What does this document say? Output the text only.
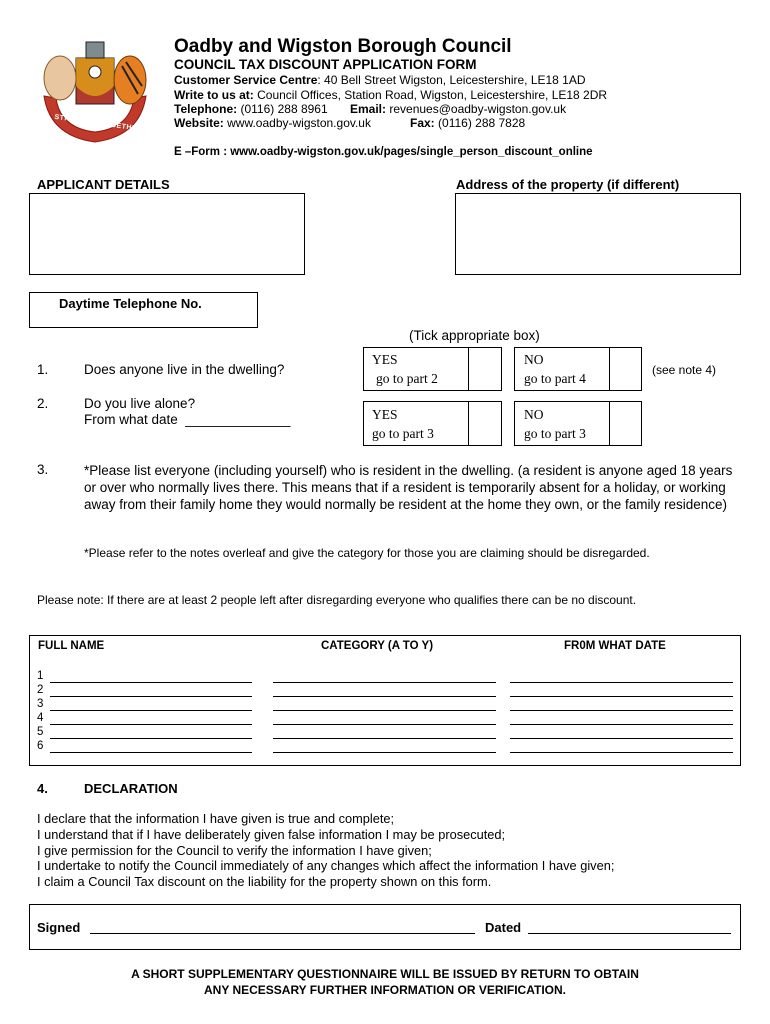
STRONGER TOGETHER
Oadby and Wigston Borough Council
COUNCIL TAX DISCOUNT APPLICATION FORM
Customer Service Centre: 40 Bell Street Wigston, Leicestershire, LE18 1AD
Write to us at: Council Offices, Station Road, Wigston, Leicestershire, LE18 2DR
Telephone: (0116) 288 8961 Email: revenues@oadby-wigston.gov.uk
Website: www.oadby-wigston.gov.uk	Fax: (0116) 288 7828
E –Form : www.oadby-wigston.gov.uk/pages/single_person_discount_online
APPLICANT DETAILS	Address of the property (if different)
Daytime Telephone No.
(Tick appropriate box)
1.	Does anyone live in the dwelling?
YES
go to part 2
NO
go to part 4
(see note 4)
2.	Do you live alone?
From what date  ______________	YES
go to part 3
NO
go to part 3
3.	*Please list everyone (including yourself) who is resident in the dwelling. (a resident is anyone aged 18 years or over who normally lives there. This means that if a resident is temporarily absent for a holiday, or working away from their family home they would normally be resident at the home they own, or the family residence)
*Please refer to the notes overleaf and give the category for those you are claiming should be disregarded.
Please note: If there are at least 2 people left after disregarding everyone who qualifies there can be no discount.
FULL NAME	CATEGORY (A TO Y)	FR0M WHAT DATE
1
2
3
4
5
6
4.	DECLARATION
I declare that the information I have given is true and complete;
I understand that if I have deliberately given false information I may be prosecuted;
I give permission for the Council to verify the information I have given;
I undertake to notify the Council immediately of any changes which affect the information I have given;
I claim a Council Tax discount on the liability for the property shown on this form.
Signed	Dated
A SHORT SUPPLEMENTARY QUESTIONNAIRE WILL BE ISSUED BY RETURN TO OBTAIN
ANY NECESSARY FURTHER INFORMATION OR VERIFICATION.
